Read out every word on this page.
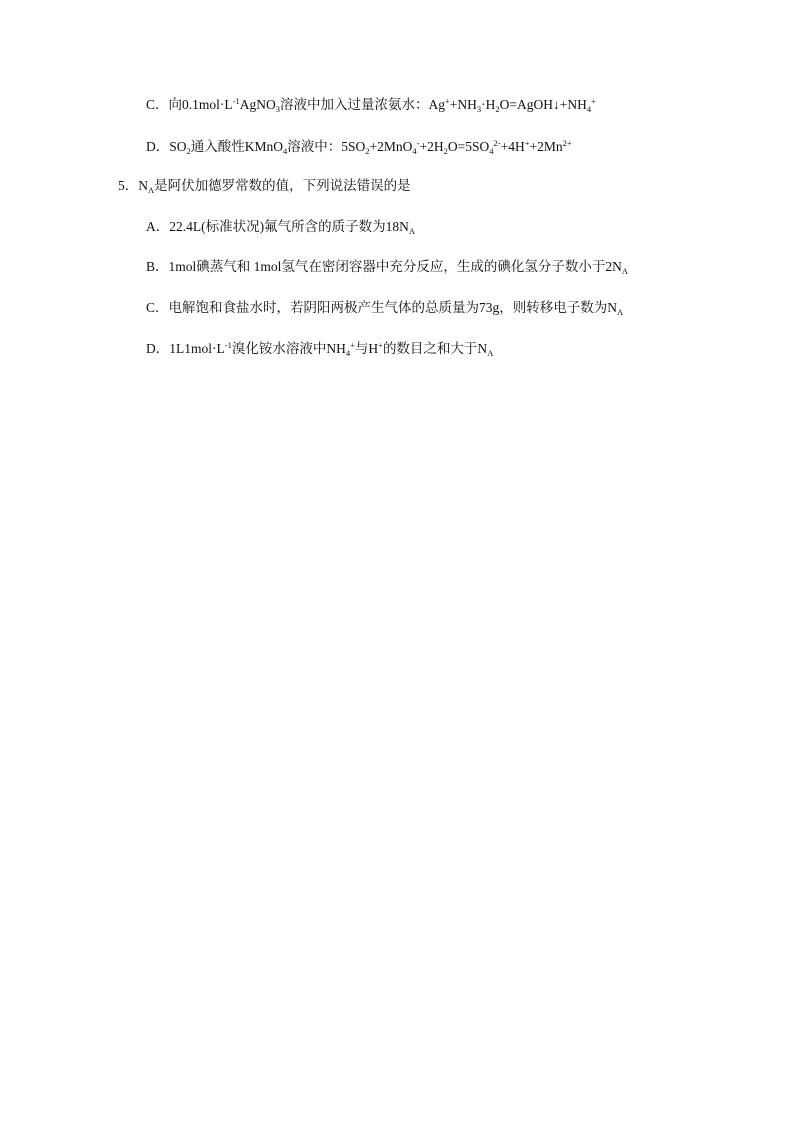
C．向$0.1mol\cdot L^{-1}AgNO_3$溶液中加入过量浓氨水：$Ag^++NH_3\cdot H_2O=AgOH↓+NH_4^+$
D．$SO_2$通入酸性KMnO$_4$溶液中：$5SO_2+2MnO_4^-+2H_2O=5SO_4^{2-}+4H^++2Mn^{2+}$
5．$N_A$是阿伏加德罗常数的值，下列说法错误的是
A．22.4L(标准状况)氟气所含的质子数为$18N_A$
B．1mol碘蒸气和 1mol氢气在密闭容器中充分反应，生成的碘化氢分子数小于$2N_A$
C．电解饱和食盐水时，若阴阳两极产生气体的总质量为73g，则转移电子数为$N_A$
D．$1L1mol\cdot L^{-1}$溴化铵水溶液中$NH_4^+$与H+的数目之和大于$N_A$
